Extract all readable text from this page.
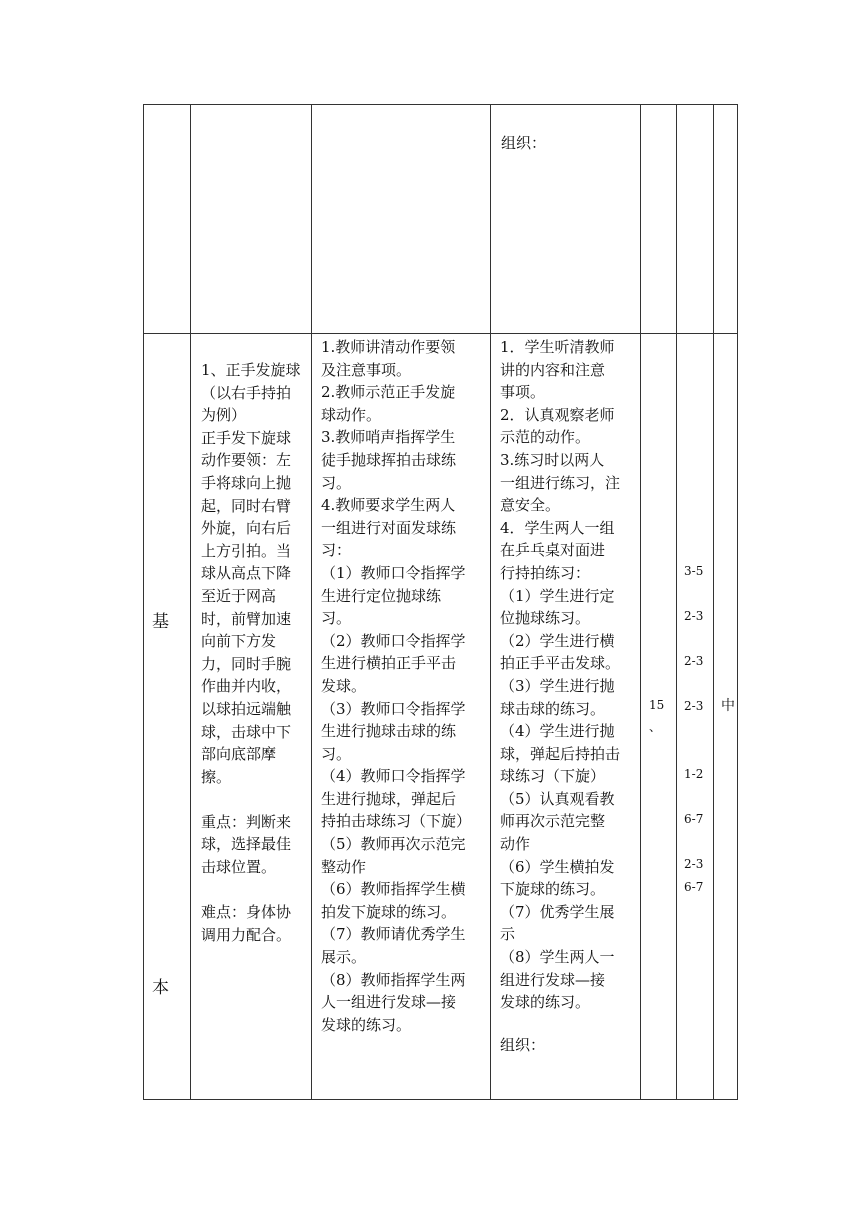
组织：
基
本

1、正手发旋球

（以右手持拍

为例）

正手发下旋球

动作要领：左

手将球向上抛

起，同时右臂

外旋，向右后

上方引拍。当

球从高点下降

至近于网高

时，前臂加速

向前下方发

力，同时手腕

作曲并内收，

以球拍远端触

球，击球中下

部向底部摩

擦。

重点：判断来

球，选择最佳

击球位置。

难点：身体协

调用力配合。

1.教师讲清动作要领

及注意事项。

2.教师示范正手发旋

球动作。

3.教师哨声指挥学生

徒手抛球挥拍击球练

习。

4.教师要求学生两人

一组进行对面发球练

习：

（1）教师口令指挥学

生进行定位抛球练

习。

（2）教师口令指挥学

生进行横拍正手平击

发球。

（3）教师口令指挥学

生进行抛球击球的练

习。

（4）教师口令指挥学

生进行抛球，弹起后

持拍击球练习（下旋）

（5）教师再次示范完

整动作

（6）教师指挥学生横

拍发下旋球的练习。

（7）教师请优秀学生

展示。

（8）教师指挥学生两

人一组进行发球—接

发球的练习。

1．学生听清教师

讲的内容和注意

事项。

2．认真观察老师

示范的动作。

3.练习时以两人

一组进行练习，注

意安全。

4．学生两人一组

在乒乓桌对面进

行持拍练习：

（1）学生进行定

位抛球练习。

（2）学生进行横

拍正手平击发球。

（3）学生进行抛

球击球的练习。

（4）学生进行抛

球，弹起后持拍击

球练习（下旋）

（5）认真观看教

师再次示范完整

动作

（6）学生横拍发

下旋球的练习。

（7）优秀学生展

示

（8）学生两人一

组进行发球—接

发球的练习。

组织：
15
、
3-5
2-3
2-3
2-3
1-2
6-7
2-3
6-7
中
